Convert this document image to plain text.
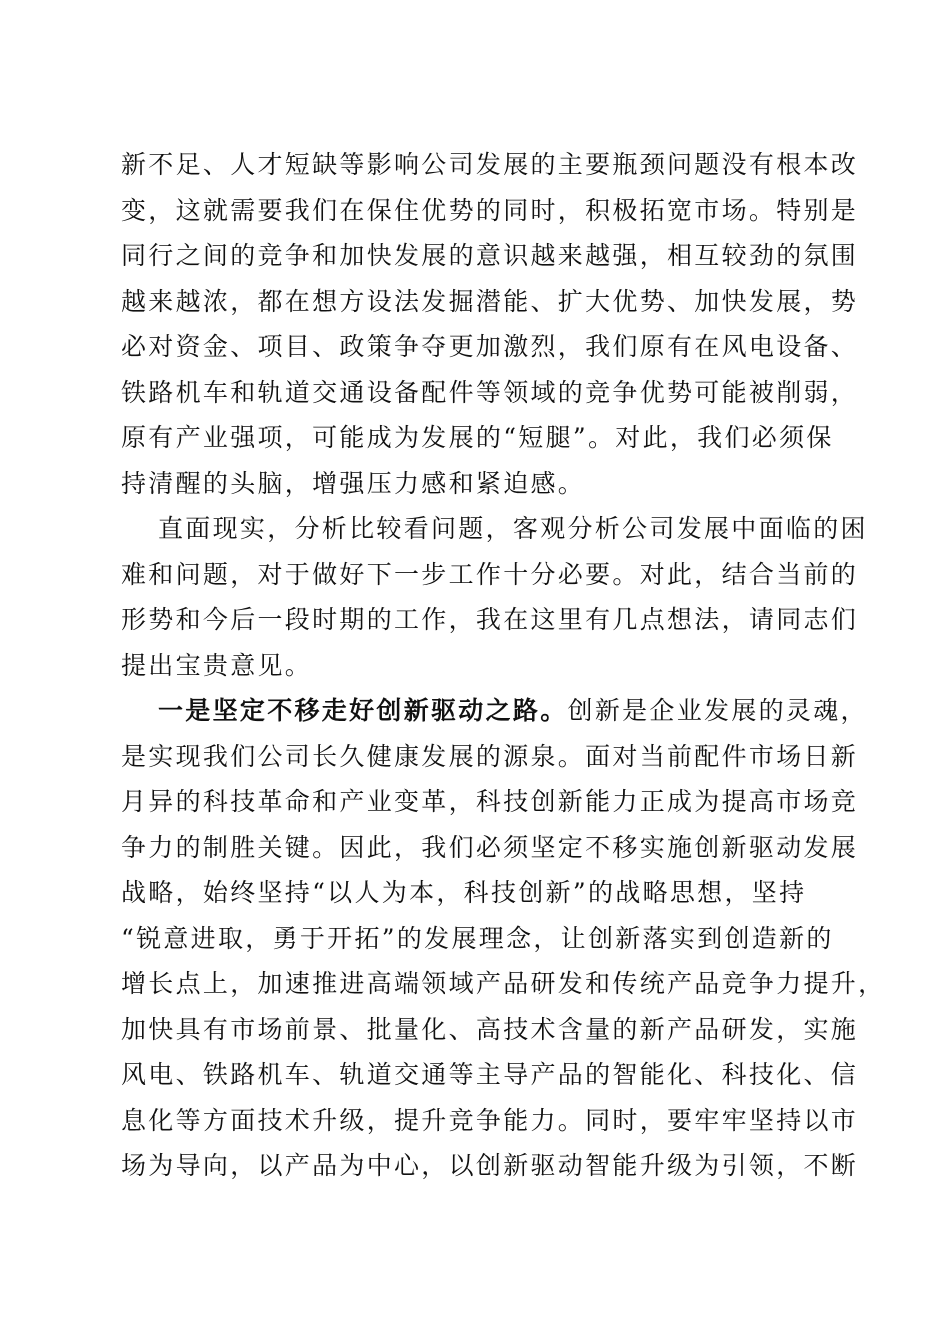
新不足、人才短缺等影响公司发展的主要瓶颈问题没有根本改
变，这就需要我们在保住优势的同时，积极拓宽市场。特别是
同行之间的竞争和加快发展的意识越来越强，相互较劲的氛围
越来越浓，都在想方设法发掘潜能、扩大优势、加快发展，势
必对资金、项目、政策争夺更加激烈，我们原有在风电设备、
铁路机车和轨道交通设备配件等领域的竞争优势可能被削弱，
原有产业强项，可能成为发展的“短腿”。对此，我们必须保
持清醒的头脑，增强压力感和紧迫感。
直面现实，分析比较看问题，客观分析公司发展中面临的困
难和问题，对于做好下一步工作十分必要。对此，结合当前的
形势和今后一段时期的工作，我在这里有几点想法，请同志们
提出宝贵意见。
一是坚定不移走好创新驱动之路。创新是企业发展的灵魂，
是实现我们公司长久健康发展的源泉。面对当前配件市场日新
月异的科技革命和产业变革，科技创新能力正成为提高市场竞
争力的制胜关键。因此，我们必须坚定不移实施创新驱动发展
战略，始终坚持“以人为本，科技创新”的战略思想，坚持
“锐意进取，勇于开拓”的发展理念，让创新落实到创造新的
增长点上，加速推进高端领域产品研发和传统产品竞争力提升，
加快具有市场前景、批量化、高技术含量的新产品研发，实施
风电、铁路机车、轨道交通等主导产品的智能化、科技化、信
息化等方面技术升级，提升竞争能力。同时，要牢牢坚持以市
场为导向，以产品为中心，以创新驱动智能升级为引领，不断
